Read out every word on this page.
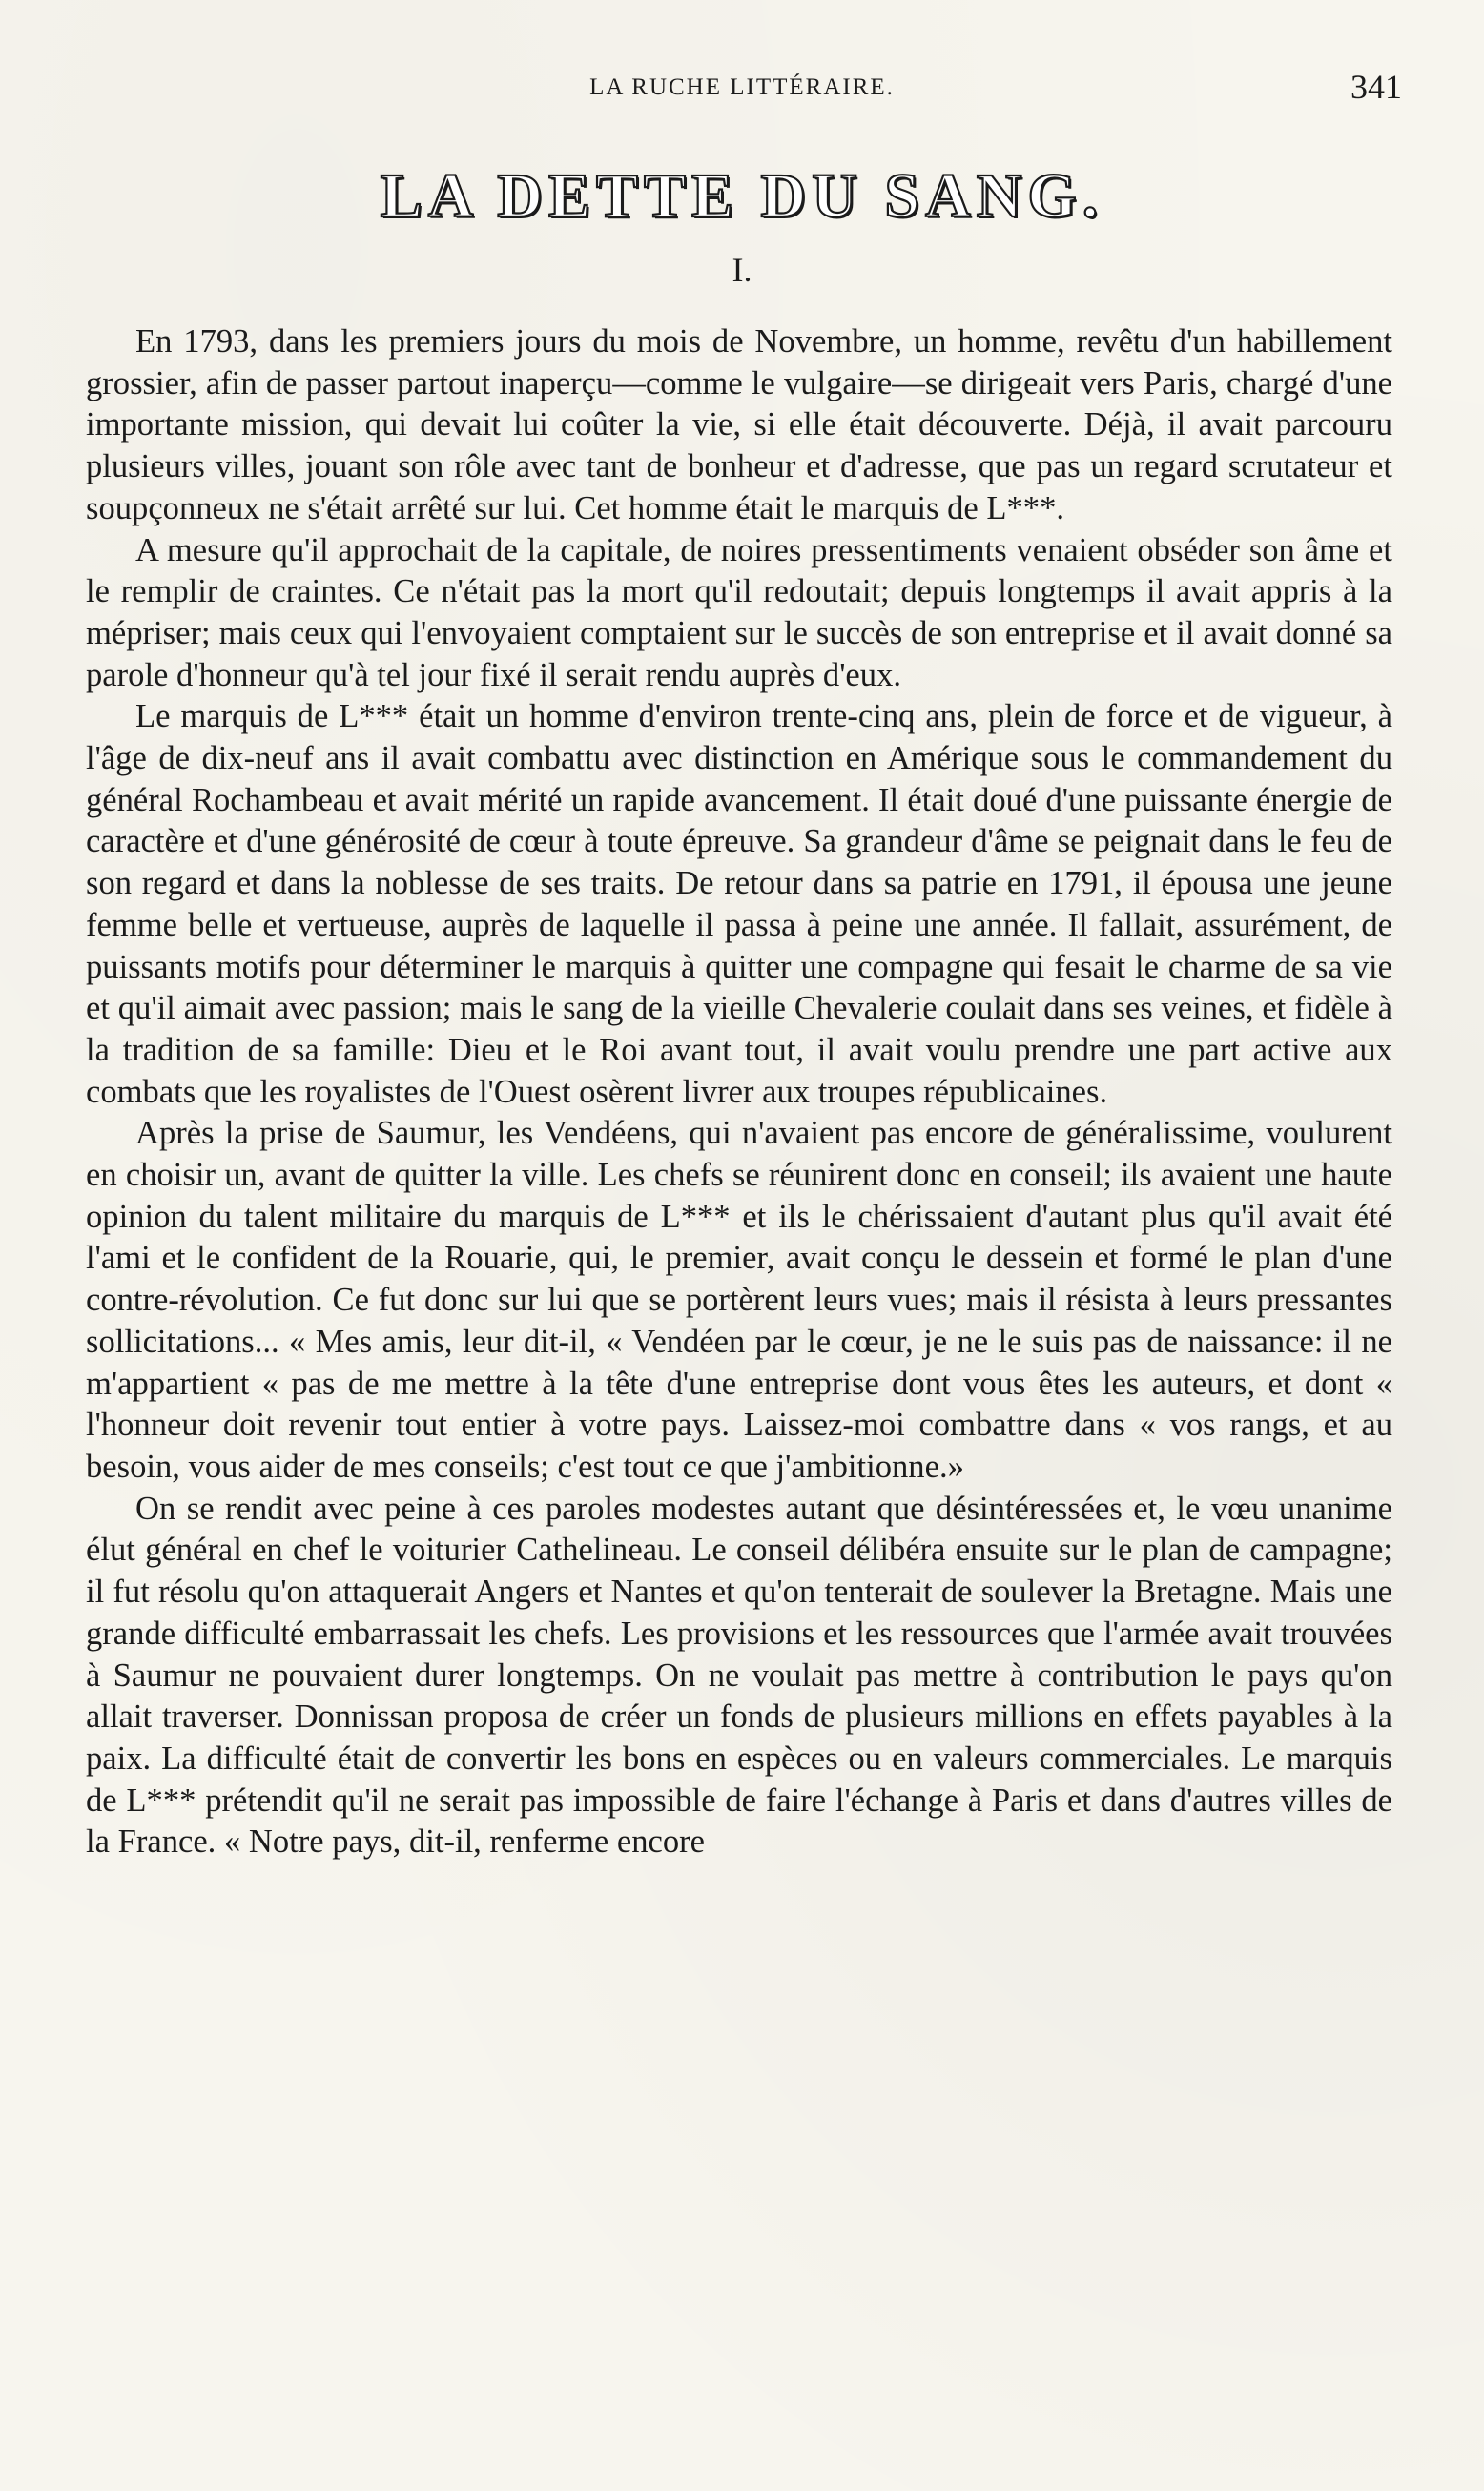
LA RUCHE LITTÉRAIRE.	341
LA DETTE DU SANG.
I.

En 1793, dans les premiers jours du mois de Novembre, un homme, revêtu d'un habillement grossier, afin de passer partout inaperçu—comme le vulgaire—se dirigeait vers Paris, chargé d'une importante mission, qui devait lui coûter la vie, si elle était découverte. Déjà, il avait parcouru plusieurs villes, jouant son rôle avec tant de bonheur et d'adresse, que pas un regard scrutateur et soupçonneux ne s'était arrêté sur lui. Cet homme était le marquis de L***.

A mesure qu'il approchait de la capitale, de noires pressentiments venaient obséder son âme et le remplir de craintes. Ce n'était pas la mort qu'il redoutait; depuis longtemps il avait appris à la mépriser; mais ceux qui l'envoyaient comptaient sur le succès de son entreprise et il avait donné sa parole d'honneur qu'à tel jour fixé il serait rendu auprès d'eux.

Le marquis de L*** était un homme d'environ trente-cinq ans, plein de force et de vigueur, à l'âge de dix-neuf ans il avait combattu avec distinction en Amérique sous le commandement du général Rochambeau et avait mérité un rapide avancement. Il était doué d'une puissante énergie de caractère et d'une générosité de cœur à toute épreuve. Sa grandeur d'âme se peignait dans le feu de son regard et dans la noblesse de ses traits. De retour dans sa patrie en 1791, il épousa une jeune femme belle et vertueuse, auprès de laquelle il passa à peine une année. Il fallait, assurément, de puissants motifs pour déterminer le marquis à quitter une compagne qui fesait le charme de sa vie et qu'il aimait avec passion; mais le sang de la vieille Chevalerie coulait dans ses veines, et fidèle à la tradition de sa famille: Dieu et le Roi avant tout, il avait voulu prendre une part active aux combats que les royalistes de l'Ouest osèrent livrer aux troupes républicaines.

Après la prise de Saumur, les Vendéens, qui n'avaient pas encore de généralissime, voulurent en choisir un, avant de quitter la ville. Les chefs se réunirent donc en conseil; ils avaient une haute opinion du talent militaire du marquis de L*** et ils le chérissaient d'autant plus qu'il avait été l'ami et le confident de la Rouarie, qui, le premier, avait conçu le dessein et formé le plan d'une contre-révolution. Ce fut donc sur lui que se portèrent leurs vues; mais il résista à leurs pressantes sollicitations... « Mes amis, leur dit-il, « Vendéen par le cœur, je ne le suis pas de naissance: il ne m'appartient « pas de me mettre à la tête d'une entreprise dont vous êtes les auteurs, et dont « l'honneur doit revenir tout entier à votre pays. Laissez-moi combattre dans « vos rangs, et au besoin, vous aider de mes conseils; c'est tout ce que j'ambitionne.»

On se rendit avec peine à ces paroles modestes autant que désintéressées et, le vœu unanime élut général en chef le voiturier Cathelineau. Le conseil délibéra ensuite sur le plan de campagne; il fut résolu qu'on attaquerait Angers et Nantes et qu'on tenterait de soulever la Bretagne. Mais une grande difficulté embarrassait les chefs. Les provisions et les ressources que l'armée avait trouvées à Saumur ne pouvaient durer longtemps. On ne voulait pas mettre à contribution le pays qu'on allait traverser. Donnissan proposa de créer un fonds de plusieurs millions en effets payables à la paix. La difficulté était de convertir les bons en espèces ou en valeurs commerciales. Le marquis de L*** prétendit qu'il ne serait pas impossible de faire l'échange à Paris et dans d'autres villes de la France. « Notre pays, dit-il, renferme encore
